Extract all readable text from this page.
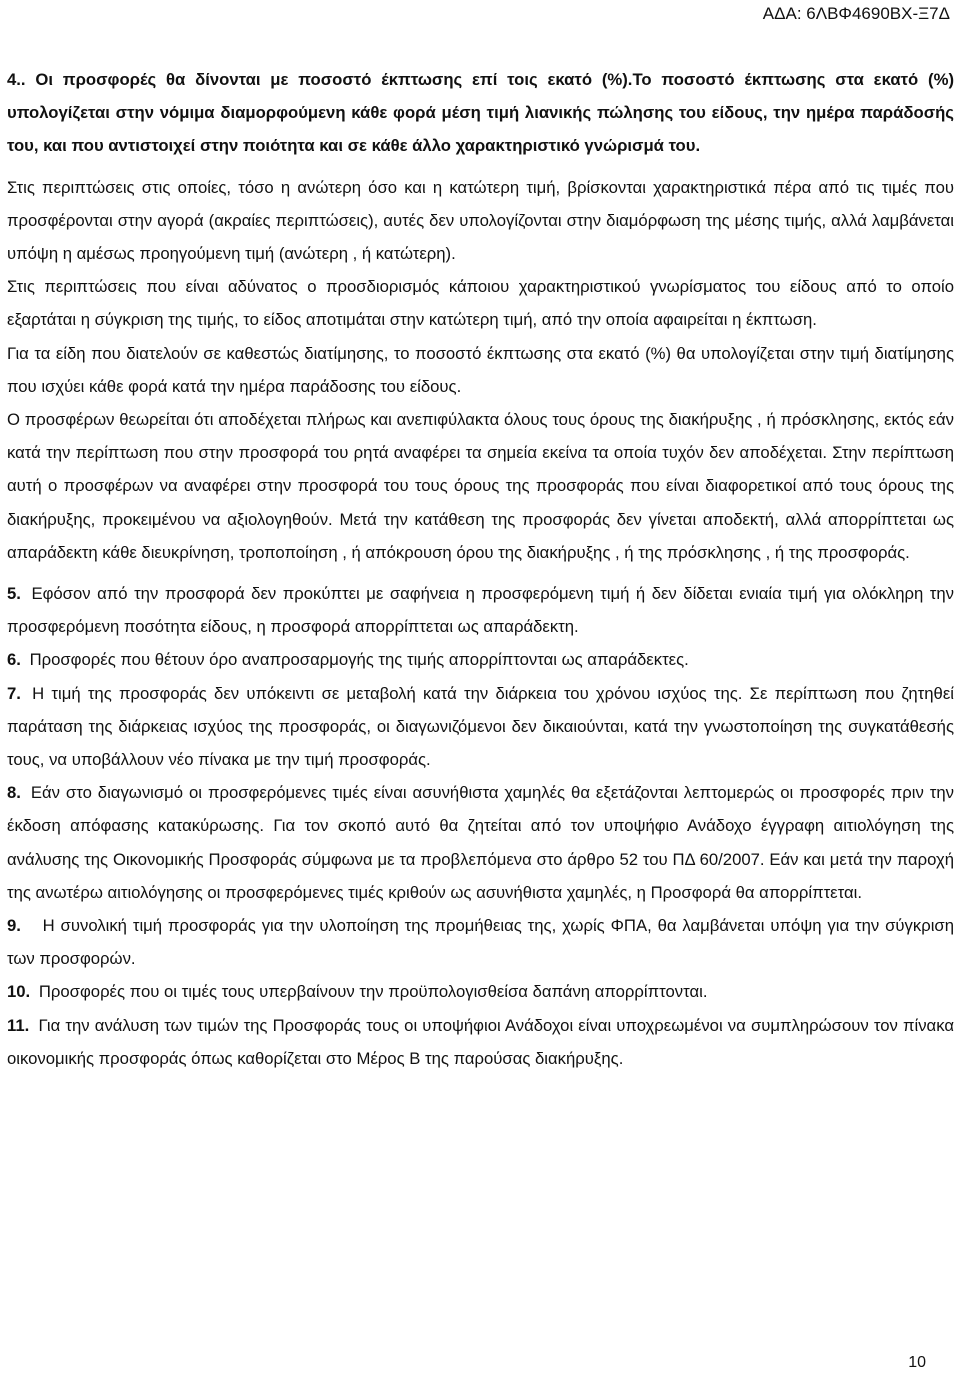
ΑΔΑ: 6ΛΒΦ4690ΒΧ-Ξ7Δ

4.. Οι προσφορές θα δίνονται με ποσοστό έκπτωσης επί τοις εκατό (%).Το ποσοστό έκπτωσης στα εκατό (%) υπολογίζεται στην νόμιμα διαμορφούμενη κάθε φορά μέση τιμή λιανικής πώλησης του είδους, την ημέρα παράδοσής του, και που αντιστοιχεί στην ποιότητα και σε κάθε άλλο χαρακτηριστικό γνώρισμά του.

Στις περιπτώσεις στις οποίες, τόσο η ανώτερη όσο και η κατώτερη τιμή, βρίσκονται χαρακτηριστικά πέρα από τις τιμές που προσφέρονται στην αγορά (ακραίες περιπτώσεις), αυτές δεν υπολογίζονται στην διαμόρφωση της μέσης τιμής, αλλά λαμβάνεται υπόψη η αμέσως προηγούμενη τιμή (ανώτερη , ή κατώτερη).

Στις περιπτώσεις που είναι αδύνατος ο προσδιορισμός κάποιου χαρακτηριστικού γνωρίσματος του είδους από το οποίο εξαρτάται η σύγκριση της τιμής, το είδος αποτιμάται στην κατώτερη τιμή, από την οποία αφαιρείται η έκπτωση.

Για τα είδη που διατελούν σε καθεστώς διατίμησης, το ποσοστό έκπτωσης στα εκατό (%) θα υπολογίζεται στην τιμή διατίμησης που ισχύει κάθε φορά κατά την ημέρα παράδοσης του είδους.

Ο προσφέρων θεωρείται ότι αποδέχεται πλήρως και ανεπιφύλακτα όλους τους όρους της διακήρυξης , ή πρόσκλησης, εκτός εάν κατά την περίπτωση που στην προσφορά του ρητά αναφέρει τα σημεία εκείνα τα οποία τυχόν δεν αποδέχεται. Στην περίπτωση αυτή ο προσφέρων να αναφέρει στην προσφορά του τους όρους της προσφοράς που είναι διαφορετικοί από τους όρους της διακήρυξης, προκειμένου να αξιολογηθούν. Μετά την κατάθεση της προσφοράς δεν γίνεται αποδεκτή, αλλά απορρίπτεται ως απαράδεκτη κάθε διευκρίνηση, τροποποίηση , ή απόκρουση όρου της διακήρυξης , ή της πρόσκλησης , ή της προσφοράς.

5. Εφόσον από την προσφορά δεν προκύπτει με σαφήνεια η προσφερόμενη τιμή ή δεν δίδεται ενιαία τιμή για ολόκληρη την προσφερόμενη ποσότητα είδους, η προσφορά απορρίπτεται ως απαράδεκτη.

6. Προσφορές που θέτουν όρο αναπροσαρμογής της τιμής απορρίπτονται ως απαράδεκτες.

7. Η τιμή της προσφοράς δεν υπόκειντι σε μεταβολή κατά την διάρκεια του χρόνου ισχύος της. Σε περίπτωση που ζητηθεί παράταση της διάρκειας ισχύος της προσφοράς, οι διαγωνιζόμενοι δεν δικαιούνται, κατά την γνωστοποίηση της συγκατάθεσής τους, να υποβάλλουν νέο πίνακα με την τιμή προσφοράς.

8. Εάν στο διαγωνισμό οι προσφερόμενες τιμές είναι ασυνήθιστα χαμηλές θα εξετάζονται λεπτομερώς οι προσφορές πριν την έκδοση απόφασης κατακύρωσης. Για τον σκοπό αυτό θα ζητείται από τον υποψήφιο Ανάδοχο έγγραφη αιτιολόγηση της ανάλυσης της Οικονομικής Προσφοράς σύμφωνα με τα προβλεπόμενα στο άρθρο 52 του ΠΔ 60/2007. Εάν και μετά την παροχή της ανωτέρω αιτιολόγησης οι προσφερόμενες τιμές κριθούν ως ασυνήθιστα χαμηλές, η Προσφορά θα απορρίπτεται.

9. Η συνολική τιμή προσφοράς για την υλοποίηση της προμήθειας της, χωρίς ΦΠΑ, θα λαμβάνεται υπόψη για την σύγκριση των προσφορών.

10. Προσφορές που οι τιμές τους υπερβαίνουν την προϋπολογισθείσα δαπάνη απορρίπτονται.

11. Για την ανάλυση των τιμών της Προσφοράς τους οι υποψήφιοι Ανάδοχοι είναι υποχρεωμένοι να συμπληρώσουν τον πίνακα οικονομικής προσφοράς όπως καθορίζεται στο Μέρος Β της παρούσας διακήρυξης.

10
